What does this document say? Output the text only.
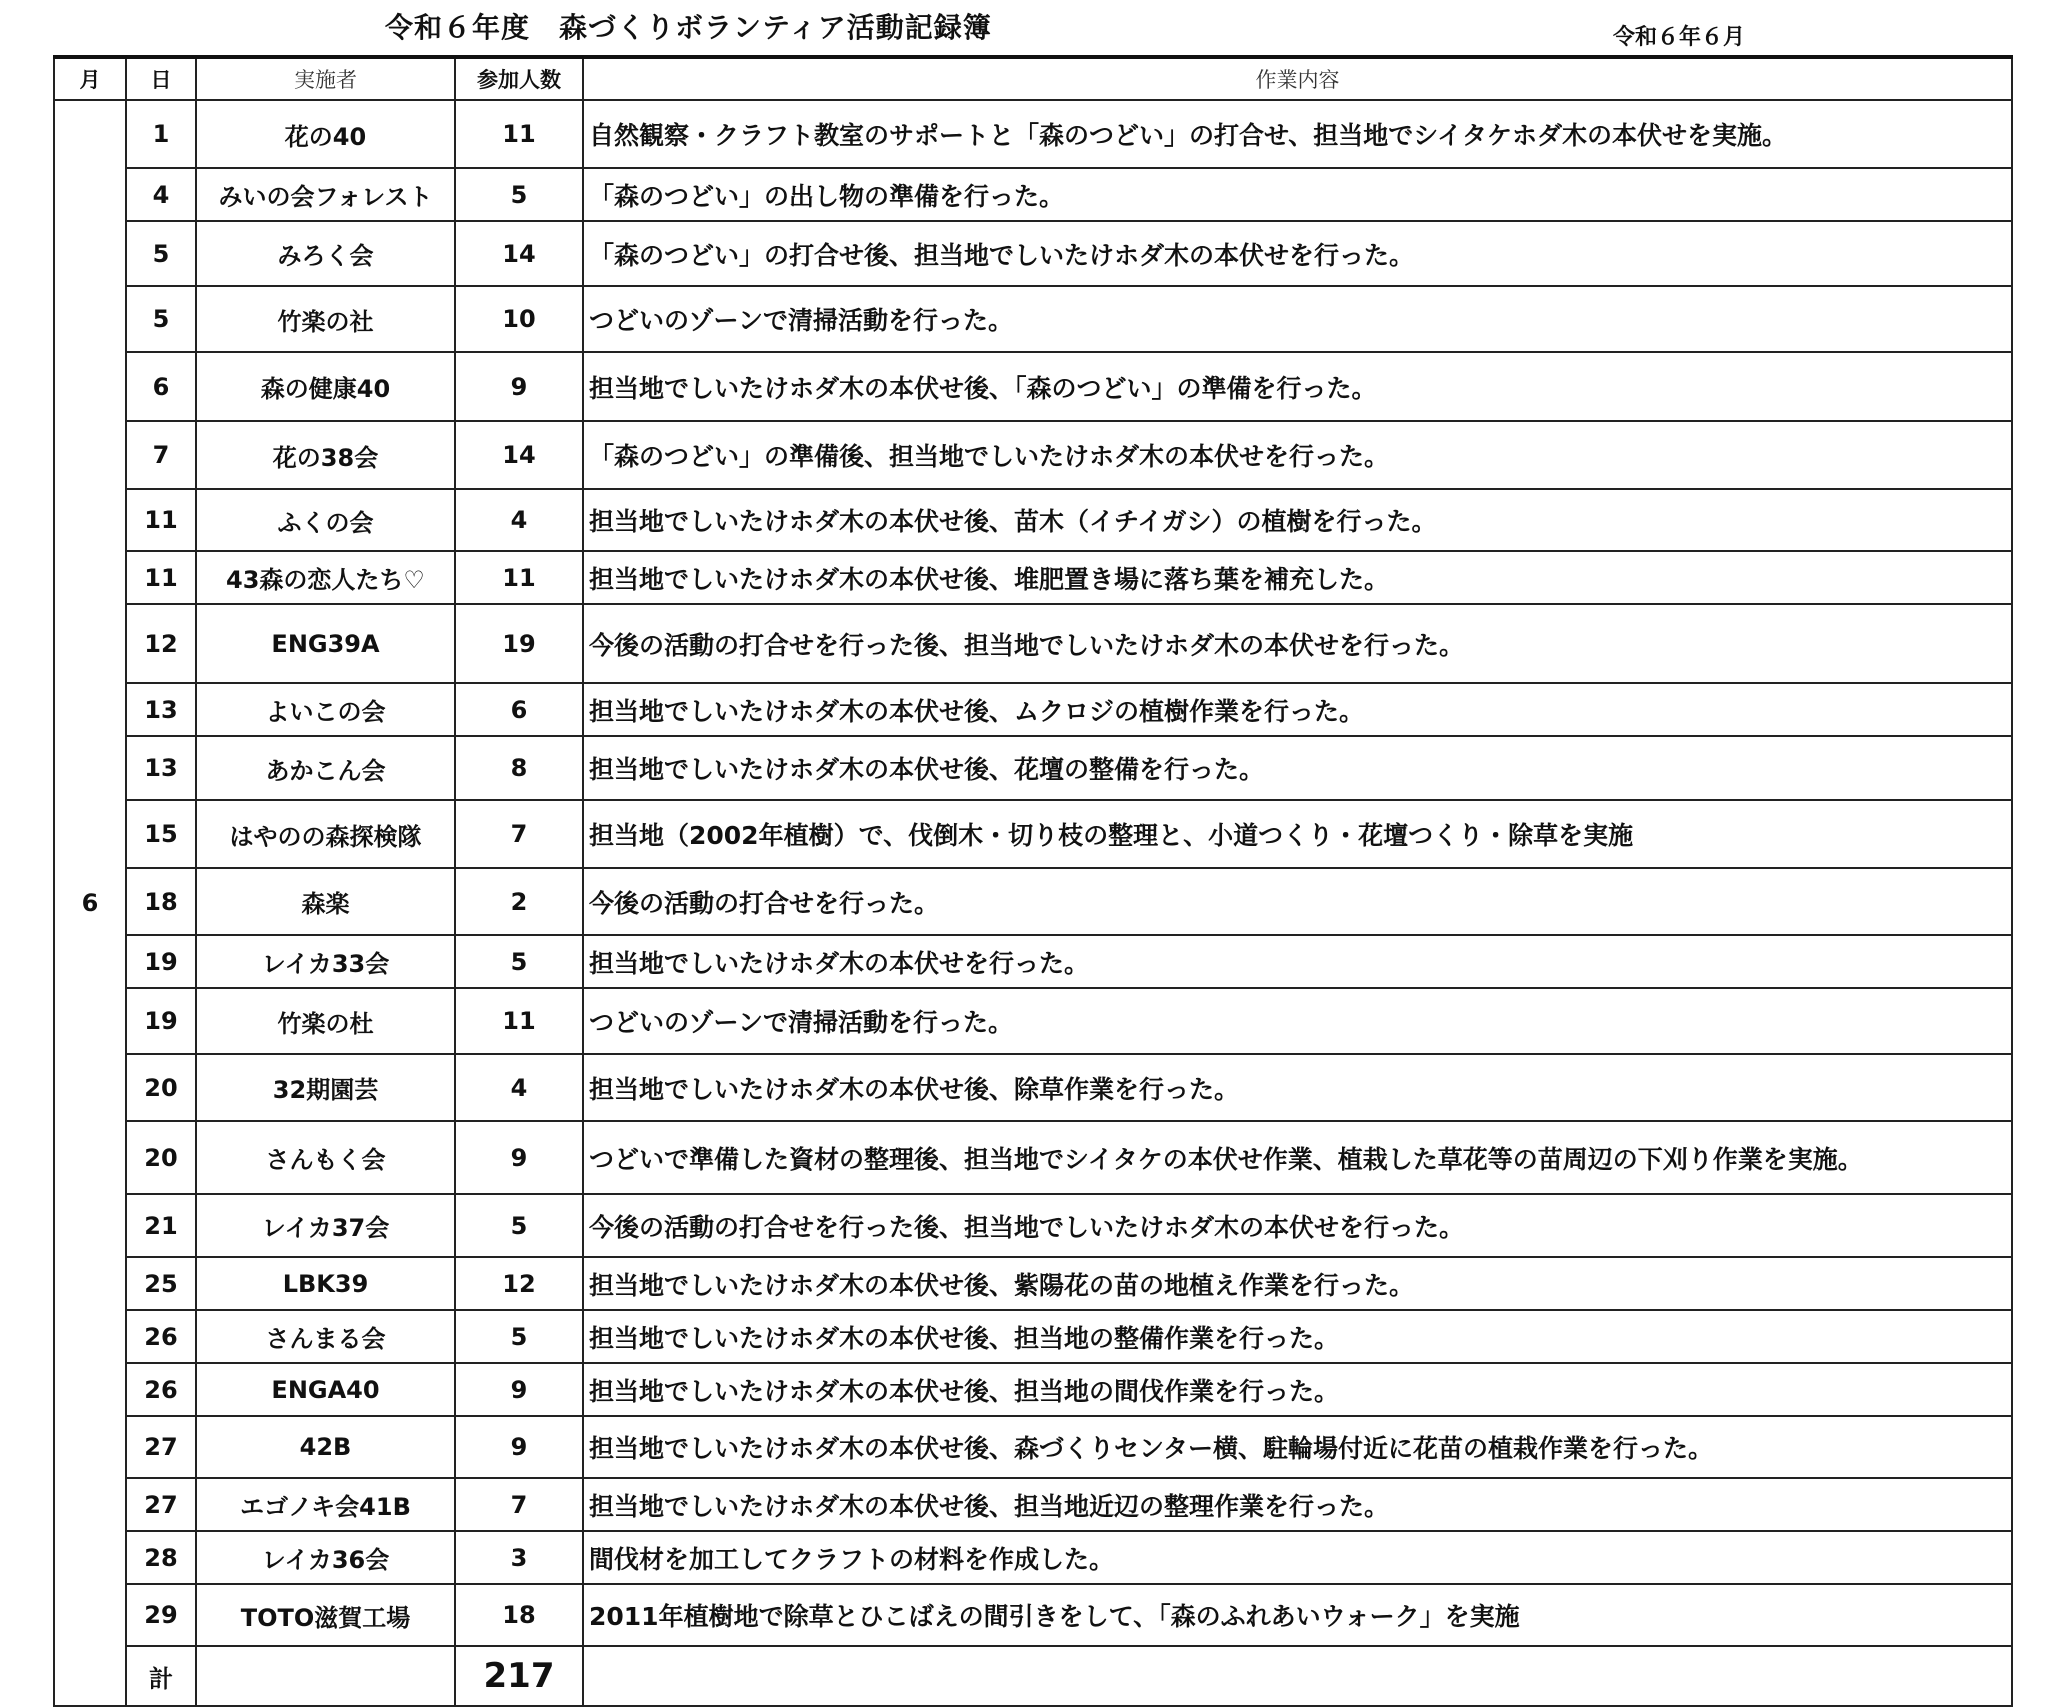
令和６年度　森づくりボランティア活動記録簿	令和６年６月
月	日	実施者	参加人数	作業内容
6	1	花の40	11	自然観察・クラフト教室のサポートと「森のつどい」の打合せ、担当地でシイタケホダ木の本伏せを実施。
	4	みいの会フォレスト	5	「森のつどい」の出し物の準備を行った。
	5	みろく会	14	「森のつどい」の打合せ後、担当地でしいたけホダ木の本伏せを行った。
	5	竹楽の社	10	つどいのゾーンで清掃活動を行った。
	6	森の健康40	9	担当地でしいたけホダ木の本伏せ後、「森のつどい」の準備を行った。
	7	花の38会	14	「森のつどい」の準備後、担当地でしいたけホダ木の本伏せを行った。
	11	ふくの会	4	担当地でしいたけホダ木の本伏せ後、苗木（イチイガシ）の植樹を行った。
	11	43森の恋人たち♡	11	担当地でしいたけホダ木の本伏せ後、堆肥置き場に落ち葉を補充した。
	12	ENG39A	19	今後の活動の打合せを行った後、担当地でしいたけホダ木の本伏せを行った。
	13	よいこの会	6	担当地でしいたけホダ木の本伏せ後、ムクロジの植樹作業を行った。
	13	あかこん会	8	担当地でしいたけホダ木の本伏せ後、花壇の整備を行った。
	15	はやのの森探検隊	7	担当地（2002年植樹）で、伐倒木・切り枝の整理と、小道つくり・花壇つくり・除草を実施
	18	森楽	2	今後の活動の打合せを行った。
	19	レイカ33会	5	担当地でしいたけホダ木の本伏せを行った。
	19	竹楽の杜	11	つどいのゾーンで清掃活動を行った。
	20	32期園芸	4	担当地でしいたけホダ木の本伏せ後、除草作業を行った。
	20	さんもく会	9	つどいで準備した資材の整理後、担当地でシイタケの本伏せ作業、植栽した草花等の苗周辺の下刈り作業を実施。
	21	レイカ37会	5	今後の活動の打合せを行った後、担当地でしいたけホダ木の本伏せを行った。
	25	LBK39	12	担当地でしいたけホダ木の本伏せ後、紫陽花の苗の地植え作業を行った。
	26	さんまる会	5	担当地でしいたけホダ木の本伏せ後、担当地の整備作業を行った。
	26	ENGA40	9	担当地でしいたけホダ木の本伏せ後、担当地の間伐作業を行った。
	27	42B	9	担当地でしいたけホダ木の本伏せ後、森づくりセンター横、駐輪場付近に花苗の植栽作業を行った。
	27	エゴノキ会41B	7	担当地でしいたけホダ木の本伏せ後、担当地近辺の整理作業を行った。
	28	レイカ36会	3	間伐材を加工してクラフトの材料を作成した。
	29	TOTO滋賀工場	18	2011年植樹地で除草とひこばえの間引きをして、「森のふれあいウォーク」を実施
	計		217	
